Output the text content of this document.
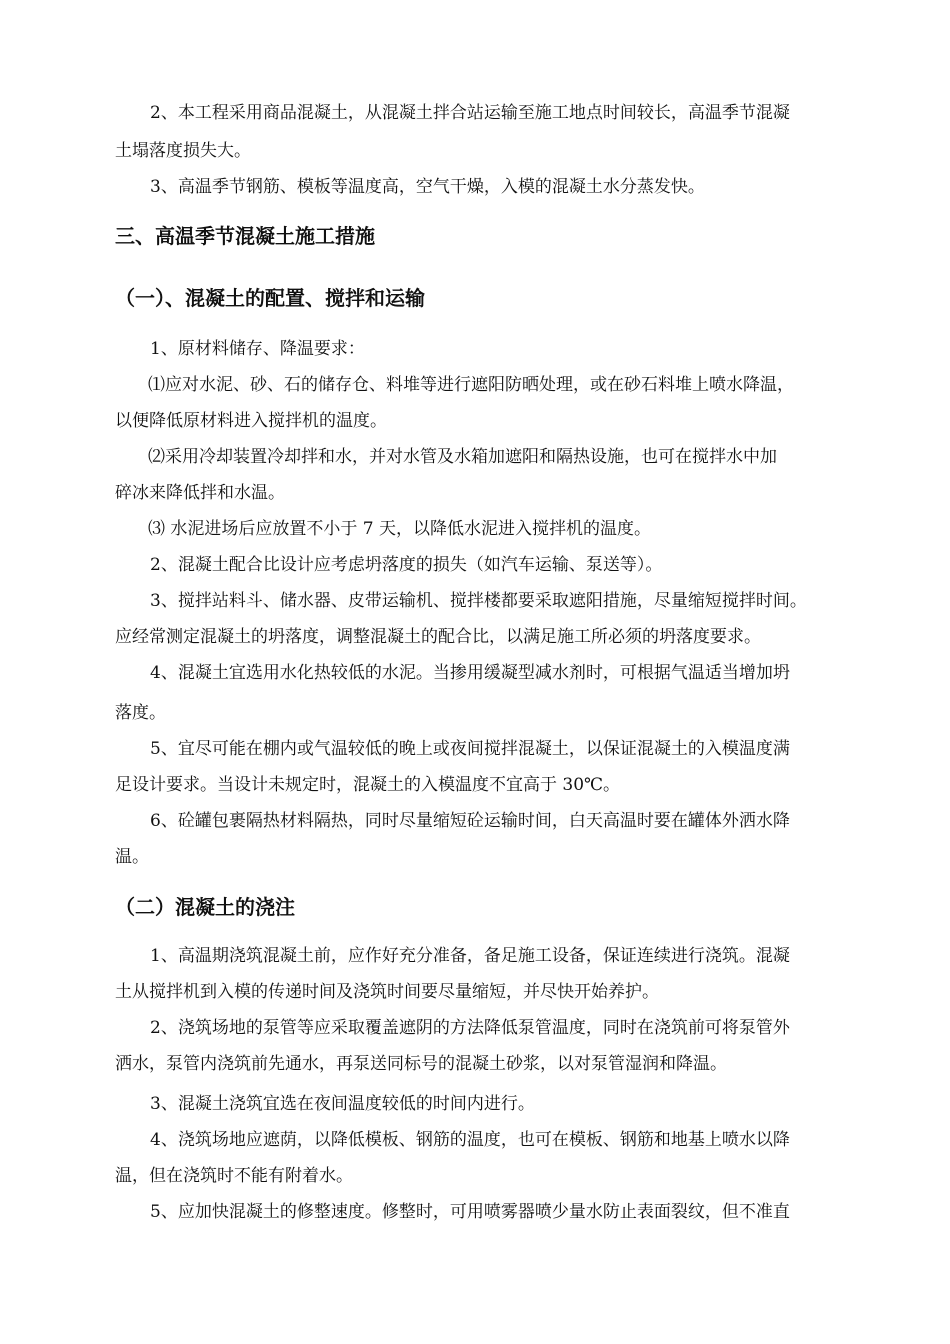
2、本工程采用商品混凝土，从混凝土拌合站运输至施工地点时间较长，高温季节混凝
土塌落度损失大。
3、高温季节钢筋、模板等温度高，空气干燥，入模的混凝土水分蒸发快。
三、高温季节混凝土施工措施
（一）、混凝土的配置、搅拌和运输
1、原材料储存、降温要求：
⑴应对水泥、砂、石的储存仓、料堆等进行遮阳防晒处理，或在砂石料堆上喷水降温，
以便降低原材料进入搅拌机的温度。
⑵采用冷却装置冷却拌和水，并对水管及水箱加遮阳和隔热设施，也可在搅拌水中加
碎冰来降低拌和水温。
⑶ 水泥进场后应放置不小于 7 天，以降低水泥进入搅拌机的温度。
2、混凝土配合比设计应考虑坍落度的损失（如汽车运输、泵送等）。
3、搅拌站料斗、储水器、皮带运输机、搅拌楼都要采取遮阳措施，尽量缩短搅拌时间。
应经常测定混凝土的坍落度，调整混凝土的配合比，以满足施工所必须的坍落度要求。
4、混凝土宜选用水化热较低的水泥。当掺用缓凝型减水剂时，可根据气温适当增加坍
落度。
5、宜尽可能在棚内或气温较低的晚上或夜间搅拌混凝土，以保证混凝土的入模温度满
足设计要求。当设计未规定时，混凝土的入模温度不宜高于 30℃。
6、砼罐包裹隔热材料隔热，同时尽量缩短砼运输时间，白天高温时要在罐体外洒水降
温。
（二）混凝土的浇注
1、高温期浇筑混凝土前，应作好充分准备，备足施工设备，保证连续进行浇筑。混凝
土从搅拌机到入模的传递时间及浇筑时间要尽量缩短，并尽快开始养护。
2、浇筑场地的泵管等应采取覆盖遮阴的方法降低泵管温度，同时在浇筑前可将泵管外
洒水，泵管内浇筑前先通水，再泵送同标号的混凝土砂浆，以对泵管湿润和降温。
3、混凝土浇筑宜选在夜间温度较低的时间内进行。
4、浇筑场地应遮荫，以降低模板、钢筋的温度，也可在模板、钢筋和地基上喷水以降
温，但在浇筑时不能有附着水。
5、应加快混凝土的修整速度。修整时，可用喷雾器喷少量水防止表面裂纹，但不准直
